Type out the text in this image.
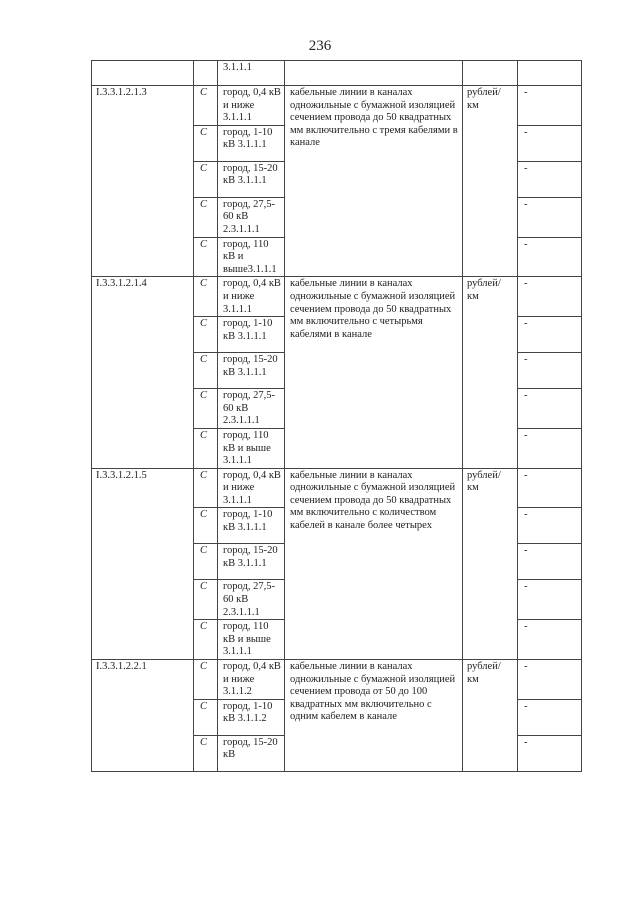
236
		3.1.1.1			
I.3.3.1.2.1.3	С	город, 0,4 кВ и ниже 3.1.1.1	кабельные линии в каналах одножильные с бумажной изоляцией сечением провода до 50 квадратных мм включительно с тремя кабелями в канале	рублей/ км	-
	С	город, 1-10 кВ 3.1.1.1			-
	С	город, 15-20 кВ 3.1.1.1			-
	С	город, 27,5-60 кВ 2.3.1.1.1			-
	С	город, 110 кВ и выше3.1.1.1			-
I.3.3.1.2.1.4	С	город, 0,4 кВ и ниже 3.1.1.1	кабельные линии в каналах одножильные с бумажной изоляцией сечением провода до 50 квадратных мм включительно с четырьмя кабелями в канале	рублей/ км	-
	С	город, 1-10 кВ 3.1.1.1			-
	С	город, 15-20 кВ 3.1.1.1			-
	С	город, 27,5-60 кВ 2.3.1.1.1			-
	С	город, 110 кВ и выше 3.1.1.1			-
I.3.3.1.2.1.5	С	город, 0,4 кВ и ниже 3.1.1.1	кабельные линии в каналах одножильные с бумажной изоляцией сечением провода до 50 квадратных мм включительно с количеством кабелей в канале более четырех	рублей/ км	-
	С	город, 1-10 кВ 3.1.1.1			-
	С	город, 15-20 кВ 3.1.1.1			-
	С	город, 27,5-60 кВ 2.3.1.1.1			-
	С	город, 110 кВ и выше 3.1.1.1			-
I.3.3.1.2.2.1	С	город, 0,4 кВ и ниже 3.1.1.2	кабельные линии в каналах одножильные с бумажной изоляцией сечением провода от 50 до 100 квадратных мм включительно с одним кабелем в канале	рублей/ км	-
	С	город, 1-10 кВ 3.1.1.2			-
	С	город, 15-20 кВ			-
